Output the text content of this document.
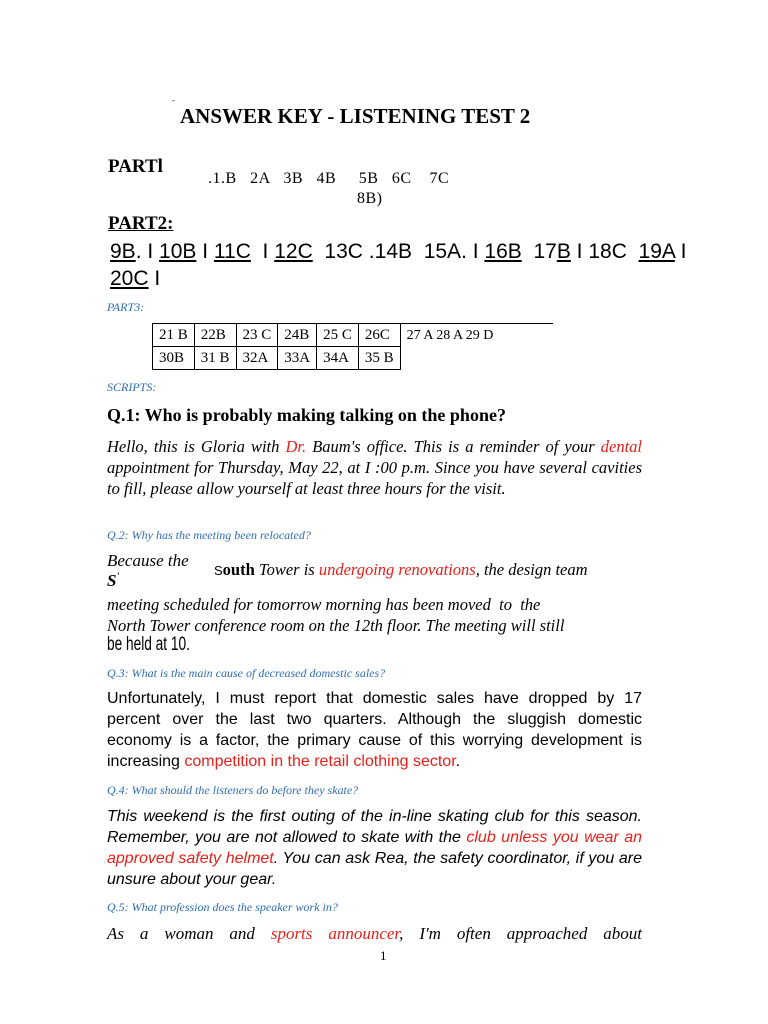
-
ANSWER KEY - LISTENING TEST 2
PARTl
.1.B   2A   3B   4B     5B   6C    7C
8B)
PART2:
9B. I 10B I 11C  I 12C  13C .14B  15A. I 16B  17B I 18C  19A I
20C I
PART3:
21 B	22B	23 C	24B	25 C	26C	27 A 28 A 29 D
30B	31 B	32A	33A	34A	35 B	
SCRIPTS:
Q.1: Who is probably making talking on the phone?
Hello, this is Gloria with Dr. Baum's office. This is a reminder of your dental appointment for Thursday, May 22, at I :00 p.m. Since you have several cavities to fill, please allow yourself at least three hours for the visit.
Q.2: Why has the meeting been relocated?
Because the
S'	South Tower is undergoing renovations, the design team
meeting scheduled for tomorrow morning has been moved  to  the
North Tower conference room on the 12th floor. The meeting will still
be held at 10.
Q.3: What is the main cause of decreased domestic sales?
Unfortunately, I must report that domestic sales have dropped by 17 percent over the last two quarters. Although the sluggish domestic economy is a factor, the primary cause of this worrying development is increasing competition in the retail clothing sector.
Q.4: What should the listeners do before they skate?
This weekend is the first outing of the in-line skating club for this season. Remember, you are not allowed to skate with the club unless you wear an approved safety helmet. You can ask Rea, the safety coordinator, if you are unsure about your gear.
Q.5: What profession does the speaker work in?
As a woman and sports announcer, I'm often approached about
1
